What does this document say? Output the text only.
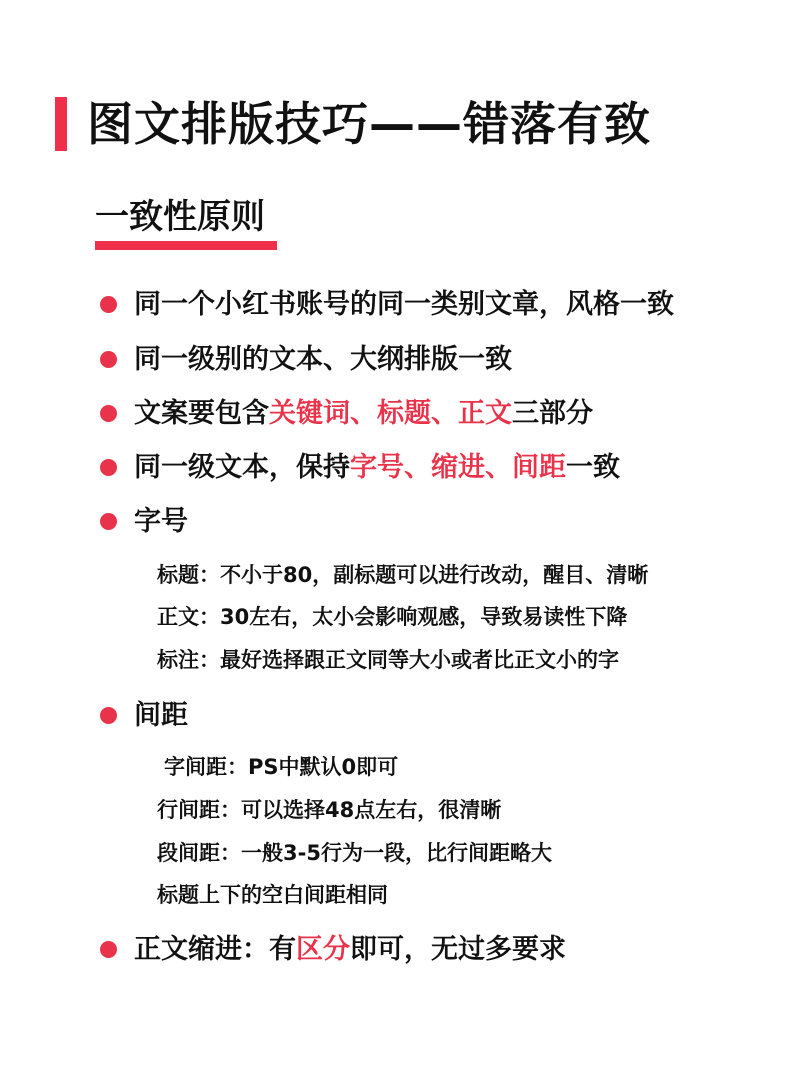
图文排版技巧——错落有致
一致性原则
同一个小红书账号的同一类别文章，风格一致
同一级别的文本、大纲排版一致
文案要包含关键词、标题、正文三部分
同一级文本，保持字号、缩进、间距一致
字号
标题：不小于80，副标题可以进行改动，醒目、清晰
正文：30左右，太小会影响观感，导致易读性下降
标注：最好选择跟正文同等大小或者比正文小的字
间距
字间距：PS中默认0即可
行间距：可以选择48点左右，很清晰
段间距：一般3-5行为一段，比行间距略大
标题上下的空白间距相同
正文缩进：有区分即可，无过多要求
